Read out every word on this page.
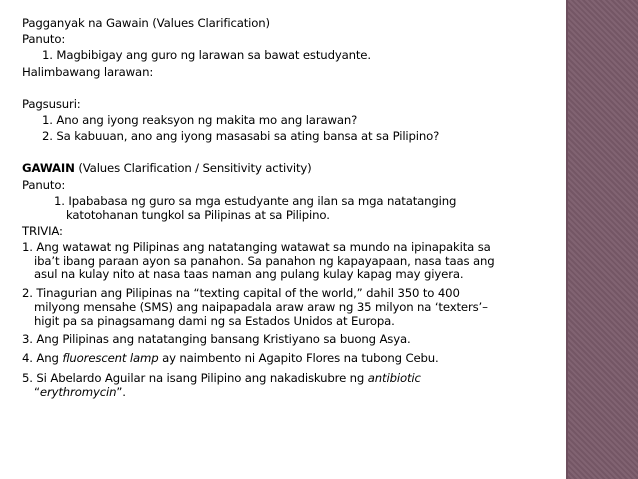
Pagganyak na Gawain (Values Clarification)
Panuto:
1. Magbibigay ang guro ng larawan sa bawat estudyante.
Halimbawang larawan:
Pagsusuri:
1. Ano ang iyong reaksyon ng makita mo ang larawan?
2. Sa kabuuan, ano ang iyong masasabi sa ating bansa at sa Pilipino?
GAWAIN (Values Clarification / Sensitivity activity)
Panuto:
1. Ipababasa ng guro sa mga estudyante ang ilan sa mga natatanging
katotohanan tungkol sa Pilipinas at sa Pilipino.
TRIVIA:
1. Ang watawat ng Pilipinas ang natatanging watawat sa mundo na ipinapakita sa
iba’t ibang paraan ayon sa panahon. Sa panahon ng kapayapaan, nasa taas ang
asul na kulay nito at nasa taas naman ang pulang kulay kapag may giyera.
2. Tinagurian ang Pilipinas na “texting capital of the world,” dahil 350 to 400
milyong mensahe (SMS) ang naipapadala araw araw ng 35 milyon na ‘texters’–
higit pa sa pinagsamang dami ng sa Estados Unidos at Europa.
3. Ang Pilipinas ang natatanging bansang Kristiyano sa buong Asya.
4. Ang fluorescent lamp ay naimbento ni Agapito Flores na tubong Cebu.
5. Si Abelardo Aguilar na isang Pilipino ang nakadiskubre ng antibiotic
“erythromycin”.
